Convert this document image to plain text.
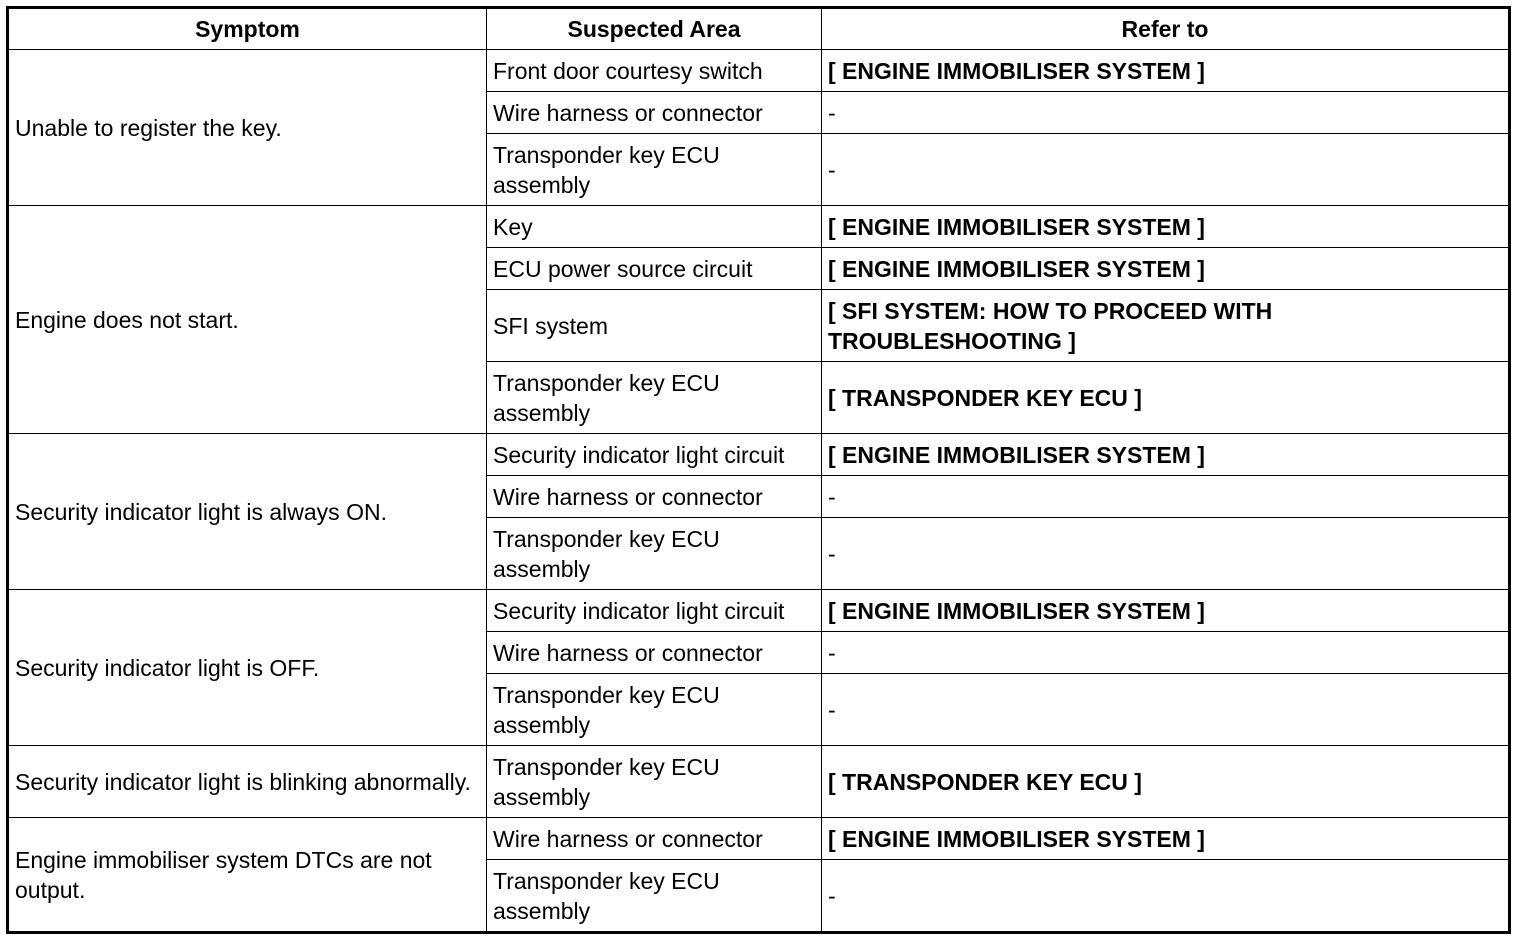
Symptom	Suspected Area	Refer to
Unable to register the key.	Front door courtesy switch	[ ENGINE IMMOBILISER SYSTEM ]
	Wire harness or connector	-
	Transponder key ECU assembly	-
Engine does not start.	Key	[ ENGINE IMMOBILISER SYSTEM ]
	ECU power source circuit	[ ENGINE IMMOBILISER SYSTEM ]
	SFI system	[ SFI SYSTEM: HOW TO PROCEED WITH TROUBLESHOOTING ]
	Transponder key ECU assembly	[ TRANSPONDER KEY ECU ]
Security indicator light is always ON.	Security indicator light circuit	[ ENGINE IMMOBILISER SYSTEM ]
	Wire harness or connector	-
	Transponder key ECU assembly	-
Security indicator light is OFF.	Security indicator light circuit	[ ENGINE IMMOBILISER SYSTEM ]
	Wire harness or connector	-
	Transponder key ECU assembly	-
Security indicator light is blinking abnormally.	Transponder key ECU assembly	[ TRANSPONDER KEY ECU ]
Engine immobiliser system DTCs are not output.	Wire harness or connector	[ ENGINE IMMOBILISER SYSTEM ]
	Transponder key ECU assembly	-
